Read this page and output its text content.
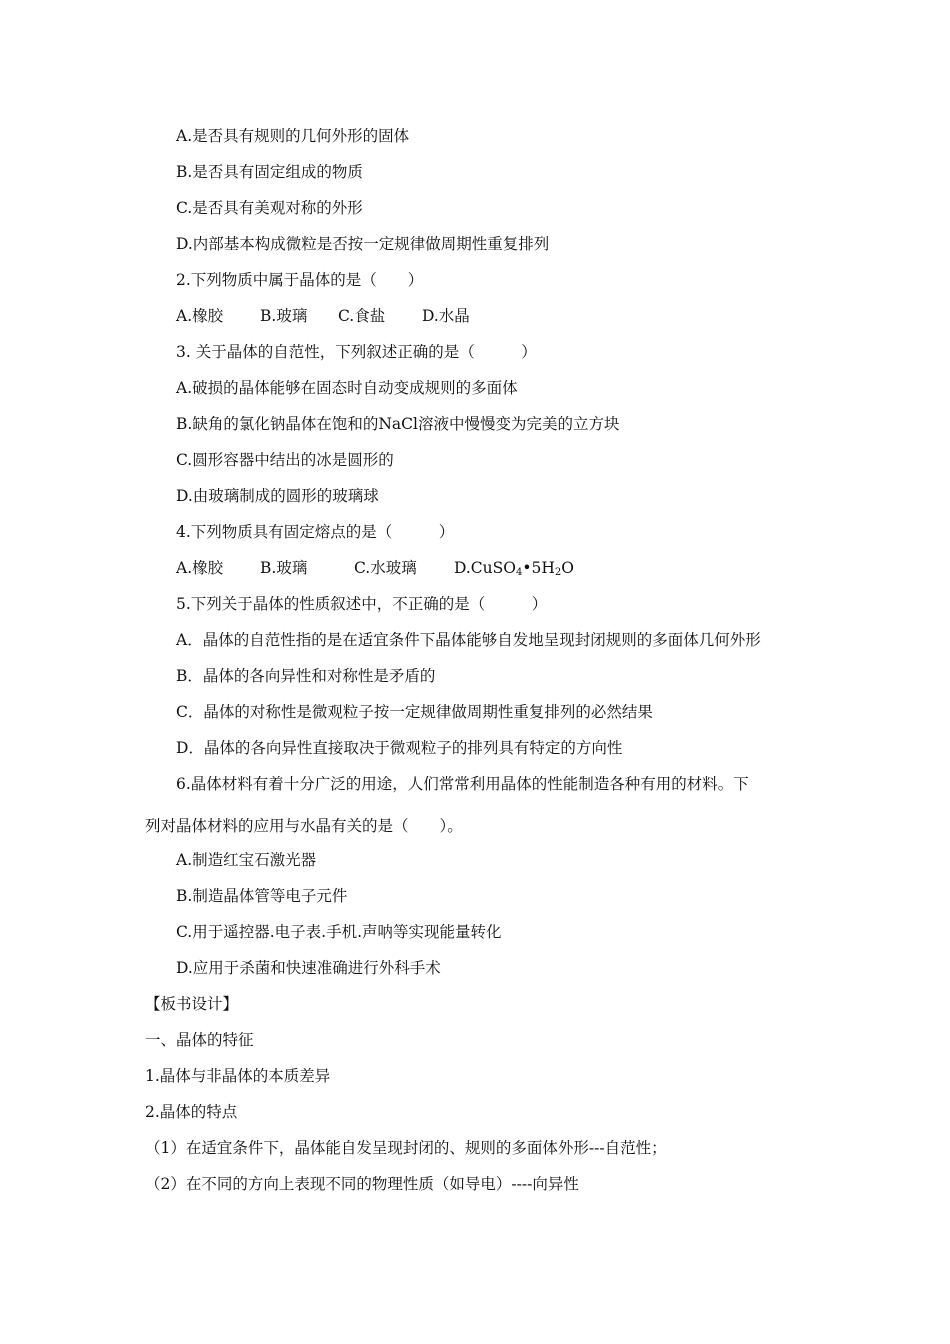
A.是否具有规则的几何外形的固体
B.是否具有固定组成的物质
C.是否具有美观对称的外形
D.内部基本构成微粒是否按一定规律做周期性重复排列
2.下列物质中属于晶体的是（　　）
A.橡胶 B.玻璃 C.食盐 D.水晶
3. 关于晶体的自范性，下列叙述正确的是（　　　）
A.破损的晶体能够在固态时自动变成规则的多面体
B.缺角的氯化钠晶体在饱和的NaCl溶液中慢慢变为完美的立方块
C.圆形容器中结出的冰是圆形的
D.由玻璃制成的圆形的玻璃球
4.下列物质具有固定熔点的是（　　　）
A.橡胶 B.玻璃	C.水玻璃 $D.CuSO_4•5H_2O$
5.下列关于晶体的性质叙述中，不正确的是（　　　）
A．晶体的自范性指的是在适宜条件下晶体能够自发地呈现封闭规则的多面体几何外形
B．晶体的各向异性和对称性是矛盾的
C．晶体的对称性是微观粒子按一定规律做周期性重复排列的必然结果
D．晶体的各向异性直接取决于微观粒子的排列具有特定的方向性
6.晶体材料有着十分广泛的用途，人们常常利用晶体的性能制造各种有用的材料。下
列对晶体材料的应用与水晶有关的是（　　）。
A.制造红宝石激光器
B.制造晶体管等电子元件
C.用于遥控器.电子表.手机.声呐等实现能量转化
D.应用于杀菌和快速准确进行外科手术
【板书设计】
一、晶体的特征
1.晶体与非晶体的本质差异
2.晶体的特点
（1）在适宜条件下，晶体能自发呈现封闭的、规则的多面体外形---自范性；
（2）在不同的方向上表现不同的物理性质（如导电）----向异性
